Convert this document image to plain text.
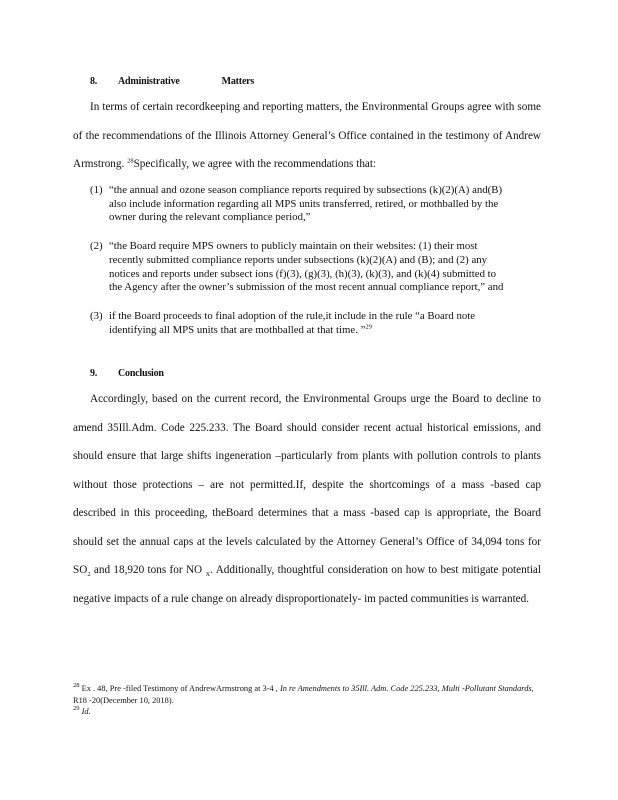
8. Administrative	Matters
In terms of certain recordkeeping and reporting matters, the Environmental Groups agree with some of the recommendations of the Illinois Attorney General’s Office contained in the testimony of Andrew Armstrong. $^{28}$Specifically, we agree with the recommendations that:
(1) “the annual and ozone season compliance reports required by subsections (k)(2)(A) and(B) also include information regarding all MPS units transferred, retired, or mothballed by the owner during the relevant compliance period,”
(2) “the Board require MPS owners to publicly maintain on their websites: (1) their most recently submitted compliance reports under subsections (k)(2)(A) and (B); and (2) any notices and reports under subsect ions (f)(3), (g)(3), (h)(3), (k)(3), and (k)(4) submitted to the Agency after the owner’s submission of the most recent annual compliance report,” and
(3) if the Board proceeds to final adoption of the rule,it include in the rule “a Board note identifying all MPS units that are mothballed at that time. ”$^{29}$
9. Conclusion
Accordingly, based on the current record, the Environmental Groups urge the Board to decline to amend 35Ill.Adm. Code 225.233. The Board should consider recent actual historical emissions, and should ensure that large shifts ingeneration –particularly from plants with pollution controls to plants without those protections – are not permitted.If, despite the shortcomings of a mass -based cap described in this proceeding, theBoard determines that a mass -based cap is appropriate, the Board should set the annual caps at the levels calculated by the Attorney General’s Office of 34,094 tons for $SO_2$ and 18,920 tons for NO $_X$. Additionally, thoughtful consideration on how to best mitigate potential negative impacts of a rule change on already disproportionately- im pacted communities is warranted.
$^{28}$ Ex . 48, Pre -filed Testimony of AndrewArmstrong at 3-4 , In re Amendments to 35Ill. Adm. Code 225.233, Multi -Pollutant Standards, R18 -20(December 10, 2018).
$^{29}$ Id.
